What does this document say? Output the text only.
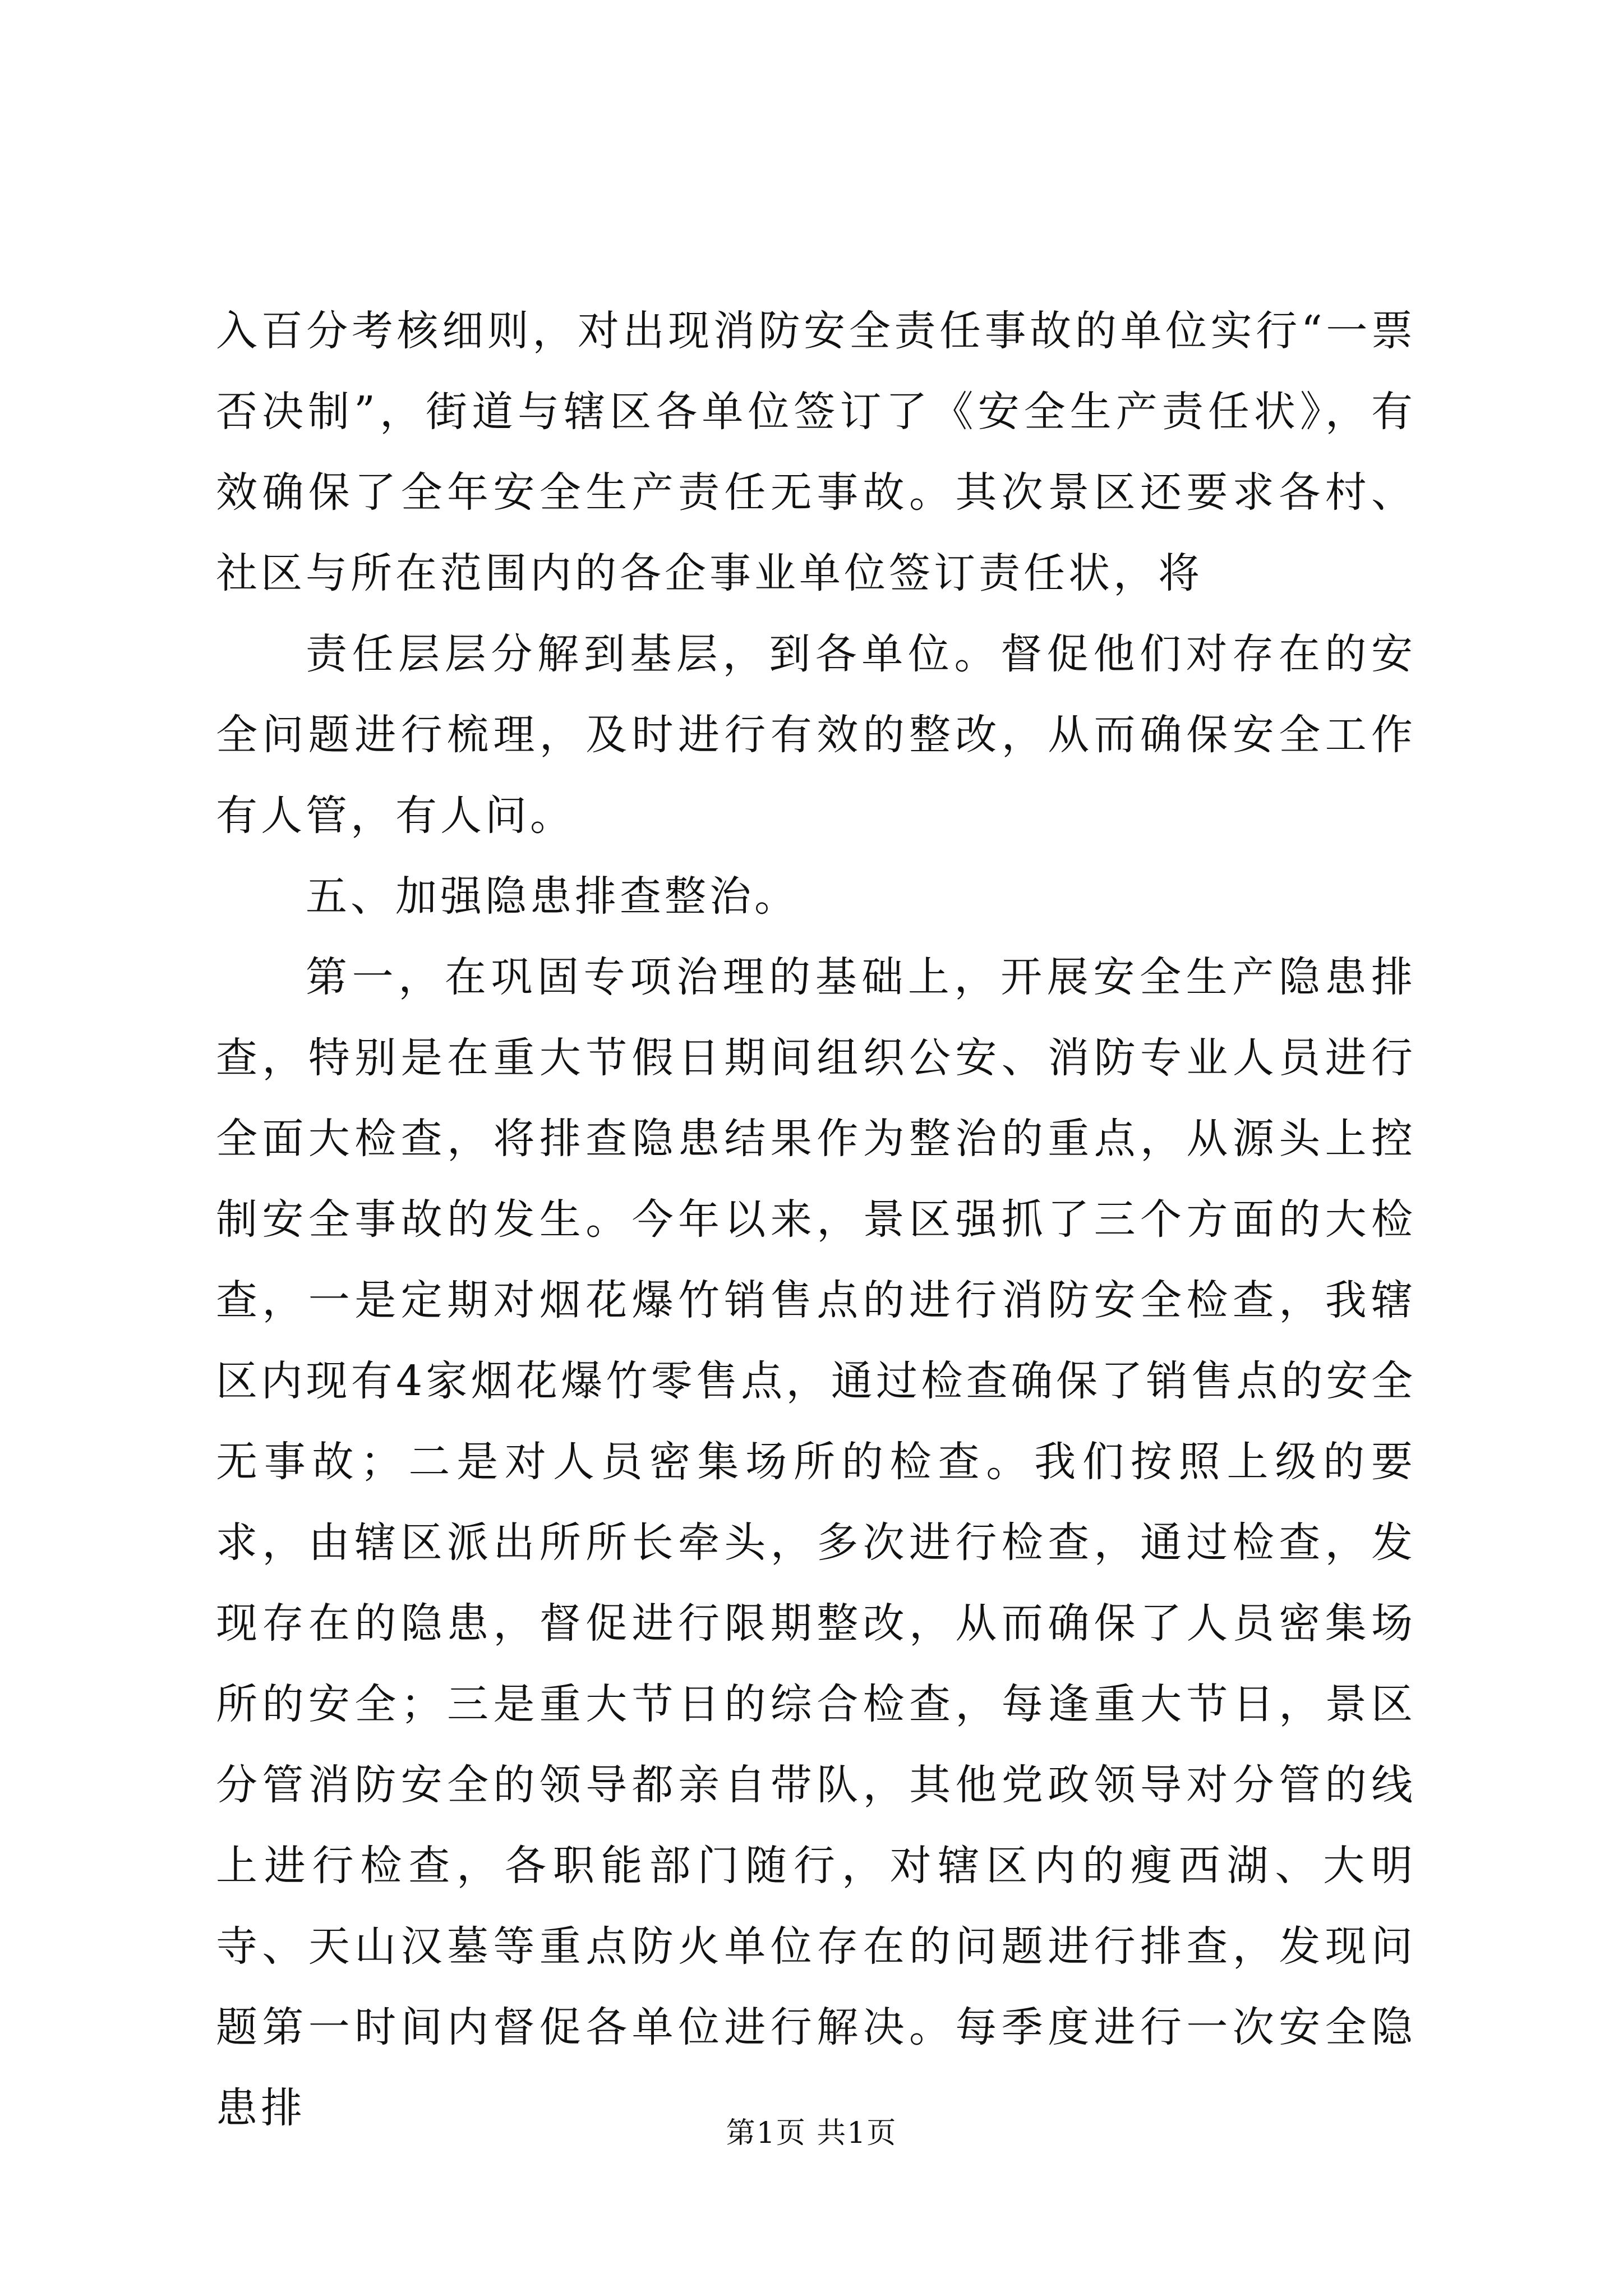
入百分考核细则，对出现消防安全责任事故的单位实行“一票否决制”，街道与辖区各单位签订了《安全生产责任状》，有效确保了全年安全生产责任无事故。其次景区还要求各村、社区与所在范围内的各企事业单位签订责任状，将

责任层层分解到基层，到各单位。督促他们对存在的安全问题进行梳理，及时进行有效的整改，从而确保安全工作有人管，有人问。

五、加强隐患排查整治。

第一，在巩固专项治理的基础上，开展安全生产隐患排查，特别是在重大节假日期间组织公安、消防专业人员进行全面大检查，将排查隐患结果作为整治的重点，从源头上控制安全事故的发生。今年以来，景区强抓了三个方面的大检查，一是定期对烟花爆竹销售点的进行消防安全检查，我辖区内现有4家烟花爆竹零售点，通过检查确保了销售点的安全无事故；二是对人员密集场所的检查。我们按照上级的要求，由辖区派出所所长牵头，多次进行检查，通过检查，发现存在的隐患，督促进行限期整改，从而确保了人员密集场所的安全；三是重大节日的综合检查，每逢重大节日，景区分管消防安全的领导都亲自带队，其他党政领导对分管的线上进行检查，各职能部门随行，对辖区内的瘦西湖、大明寺、天山汉墓等重点防火单位存在的问题进行排查，发现问题第一时间内督促各单位进行解决。每季度进行一次安全隐患排

第1页 共1页
